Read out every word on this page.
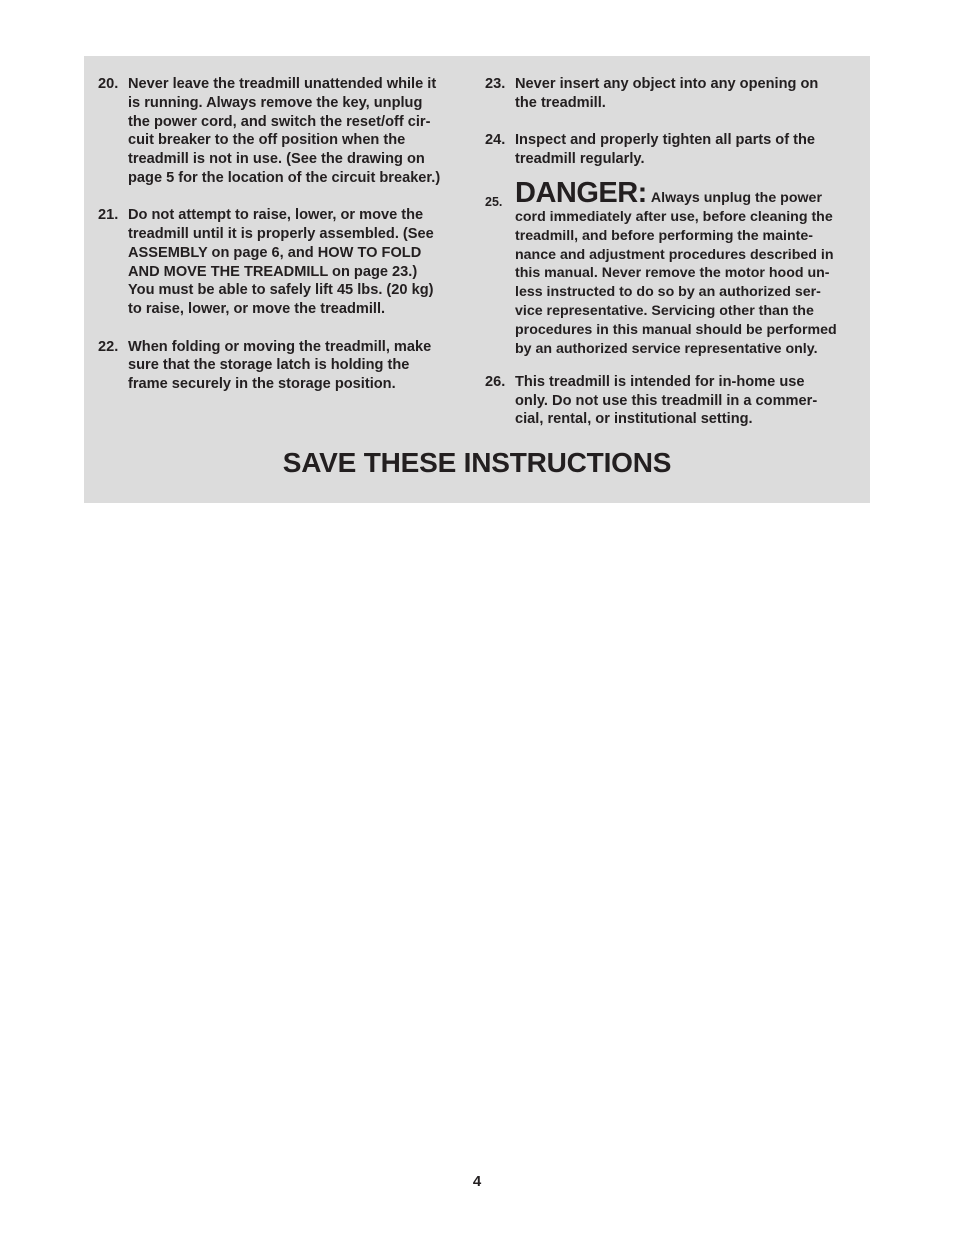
20. Never leave the treadmill unattended while it
is running. Always remove the key, unplug
the power cord, and switch the reset/off cir-
cuit breaker to the off position when the
treadmill is not in use. (See the drawing on
page 5 for the location of the circuit breaker.)
21. Do not attempt to raise, lower, or move the
treadmill until it is properly assembled. (See
ASSEMBLY on page 6, and HOW TO FOLD
AND MOVE THE TREADMILL on page 23.)
You must be able to safely lift 45 lbs. (20 kg)
to raise, lower, or move the treadmill.
22. When folding or moving the treadmill, make
sure that the storage latch is holding the
frame securely in the storage position.
23. Never insert any object into any opening on
the treadmill.
24. Inspect and properly tighten all parts of the
treadmill regularly.
25. DANGER: Always unplug the power
cord immediately after use, before cleaning the
treadmill, and before performing the mainte-
nance and adjustment procedures described in
this manual. Never remove the motor hood un-
less instructed to do so by an authorized ser-
vice representative. Servicing other than the
procedures in this manual should be performed
by an authorized service representative only.
26. This treadmill is intended for in-home use
only. Do not use this treadmill in a commer-
cial, rental, or institutional setting.
SAVE THESE INSTRUCTIONS
4
